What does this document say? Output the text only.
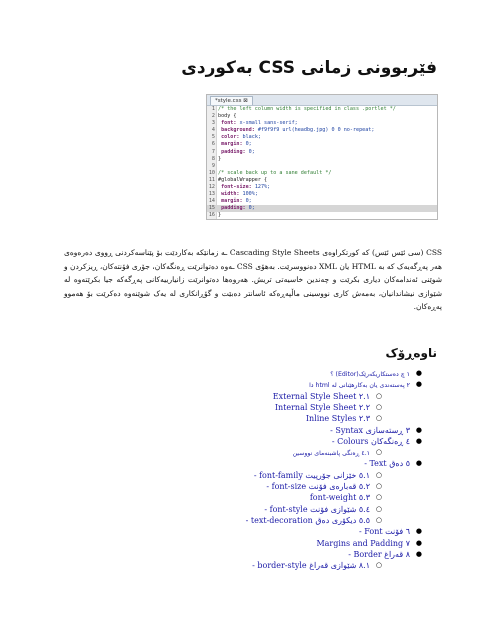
فێربوونی زمانی CSS بەکوردی
*style.css ⊠
1 /* the left column width is specified in class .portlet */
2 body {
3 font: x-small sans-serif;
4 background: #f9f9f9 url(headbg.jpg) 0 0 no-repeat;
5 color: black;
6 margin: 0;
7 padding: 0;
8 }
9
10 /* scale back up to a sane default */
11 #globalWrapper {
12 font-size: 127%;
13 width: 100%;
14 margin: 0;
15 padding: 0;
16 }
CSS (سی ئێس ئێس) کە کورتکراوەی Cascading Style Sheets ـە زمانێکە بەکاردێت بۆ پێناسەکردنی ڕووی دەرەوەی هەر پەڕگەیەک کە بە HTML یان XML دەنووسرێت. بەھۆی CSS ـەوە دەتوانرێت ڕەنگەکان، جۆری فۆنتەکان، ڕیزکردن و شوێنی ئەندامەکان دیاری بکرێت و چەندین خاسیەتی تریش. هەروەها دەتوانرێت زانیارییەکانی پەڕگەکە جیا بکرێتەوە لە شێوازی نیشاندانیان، بەمەش کاری نووسینی ماڵپەڕەکە ئاسانتر دەبێت و گۆڕانکاری لە یەک شوێنەوە دەکرێت بۆ هەموو پەڕەکان.
ناوەڕۆک
●
١ چ دەستکاریکەرێک(Editor) ؟
●
٢ پەستەندی یان بەکارهێنانی لە html دا
○
٢.١ External Style Sheet
○
٢.٢ Internal Style Sheet
○
٢.٣ Inline Styles
●
٣ ڕستەسازی Syntax -
●
٤ ڕەنگەکان Colours -
○
٤.١ ڕەنگی پاشبنەمای نووسین
●
٥ دەق Text -
○
٥.١ خێزانی جۆرپیت font-family -
○
٥.٢ قەبارەی فۆنت font-size -
○
٥.٣ font-weight
○
٥.٤ شێوازی فۆنت font-style -
○
٥.٥ دیکۆری دەق text-decoration -
●
٦ فۆنت Font -
●
٧ Margins and Padding
●
٨ قەراغ Border -
○
٨.١ شێوازی قەراغ border-style -
